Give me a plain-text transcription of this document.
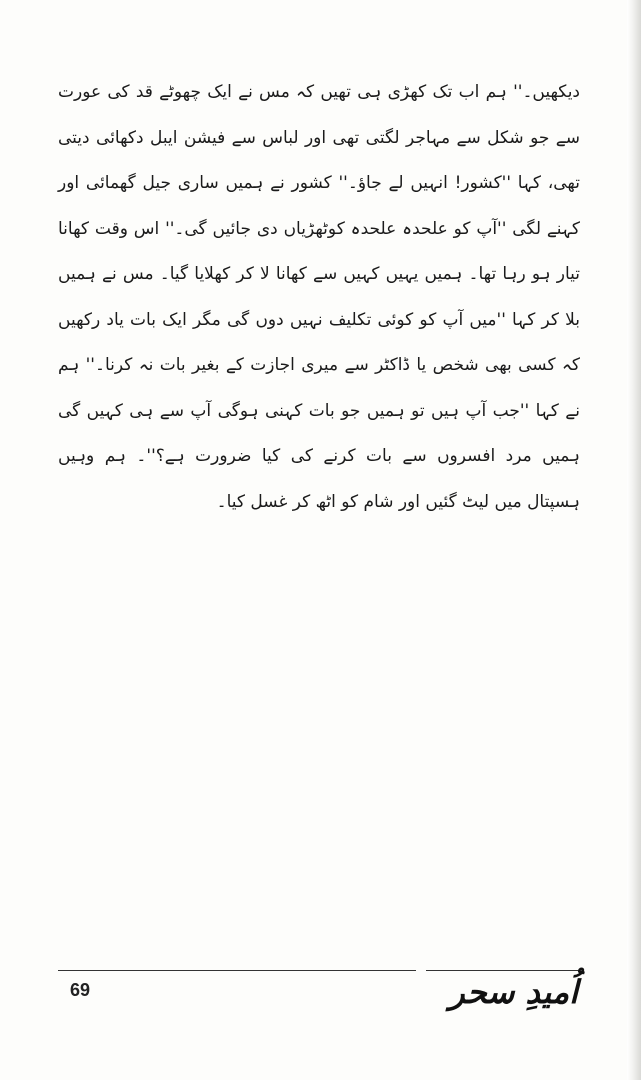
دیکھیں۔'' ہم اب تک کھڑی ہی تھیں کہ مس نے ایک چھوٹے قد کی عورت سے جو شکل سے مہاجر لگتی تھی اور لباس سے فیشن ایبل دکھائی دیتی تھی، کہا ''کشور! انہیں لے جاؤ۔'' کشور نے ہمیں ساری جیل گھمائی اور کہنے لگی ''آپ کو علحدہ علحدہ کوٹھڑیاں دی جائیں گی۔'' اس وقت کھانا تیار ہو رہا تھا۔ ہمیں یہیں کہیں سے کھانا لا کر کھلایا گیا۔ مس نے ہمیں بلا کر کہا ''میں آپ کو کوئی تکلیف نہیں دوں گی مگر ایک بات یاد رکھیں کہ کسی بھی شخص یا ڈاکٹر سے میری اجازت کے بغیر بات نہ کرنا۔'' ہم نے کہا ''جب آپ ہیں تو ہمیں جو بات کہنی ہوگی آپ سے ہی کہیں گی ہمیں مرد افسروں سے بات کرنے کی کیا ضرورت ہے؟''۔ ہم وہیں ہسپتال میں لیٹ گئیں اور شام کو اٹھ کر غسل کیا۔

69	اُمیدِ سحر
